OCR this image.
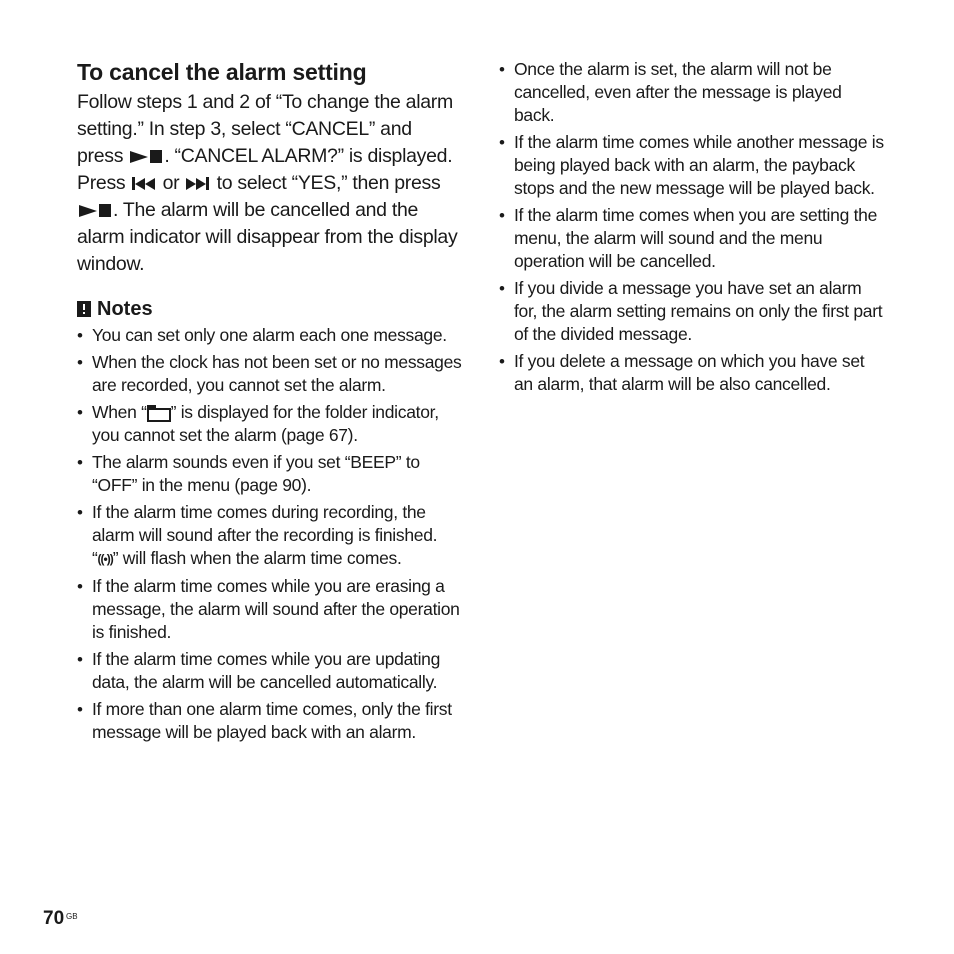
To cancel the alarm setting

Follow steps 1 and 2 of “To change the alarm setting.” In step 3, select “CANCEL” and press . “CANCEL ALARM?” is displayed. Press or to select “YES,” then press
. The alarm will be cancelled and the alarm indicator will disappear from the display window.

Notes
• You can set only one alarm each one message.
• When the clock has not been set or no messages are recorded, you cannot set the alarm.
• When “ ” is displayed for the folder indicator, you cannot set the alarm (page 67).
• The alarm sounds even if you set “BEEP” to “OFF” in the menu (page 90).
• If the alarm time comes during recording, the alarm will sound after the recording is finished. “((•))” will flash when the alarm time comes.
• If the alarm time comes while you are erasing a message, the alarm will sound after the operation is finished.
• If the alarm time comes while you are updating data, the alarm will be cancelled automatically.
• If more than one alarm time comes, only the first message will be played back with an alarm.
• Once the alarm is set, the alarm will not be cancelled, even after the message is played back.
• If the alarm time comes while another message is being played back with an alarm, the payback stops and the new message will be played back.
• If the alarm time comes when you are setting the menu, the alarm will sound and the menu operation will be cancelled.
• If you divide a message you have set an alarm for, the alarm setting remains on only the first part of the divided message.
• If you delete a message on which you have set an alarm, that alarm will be also cancelled.
70 GB
